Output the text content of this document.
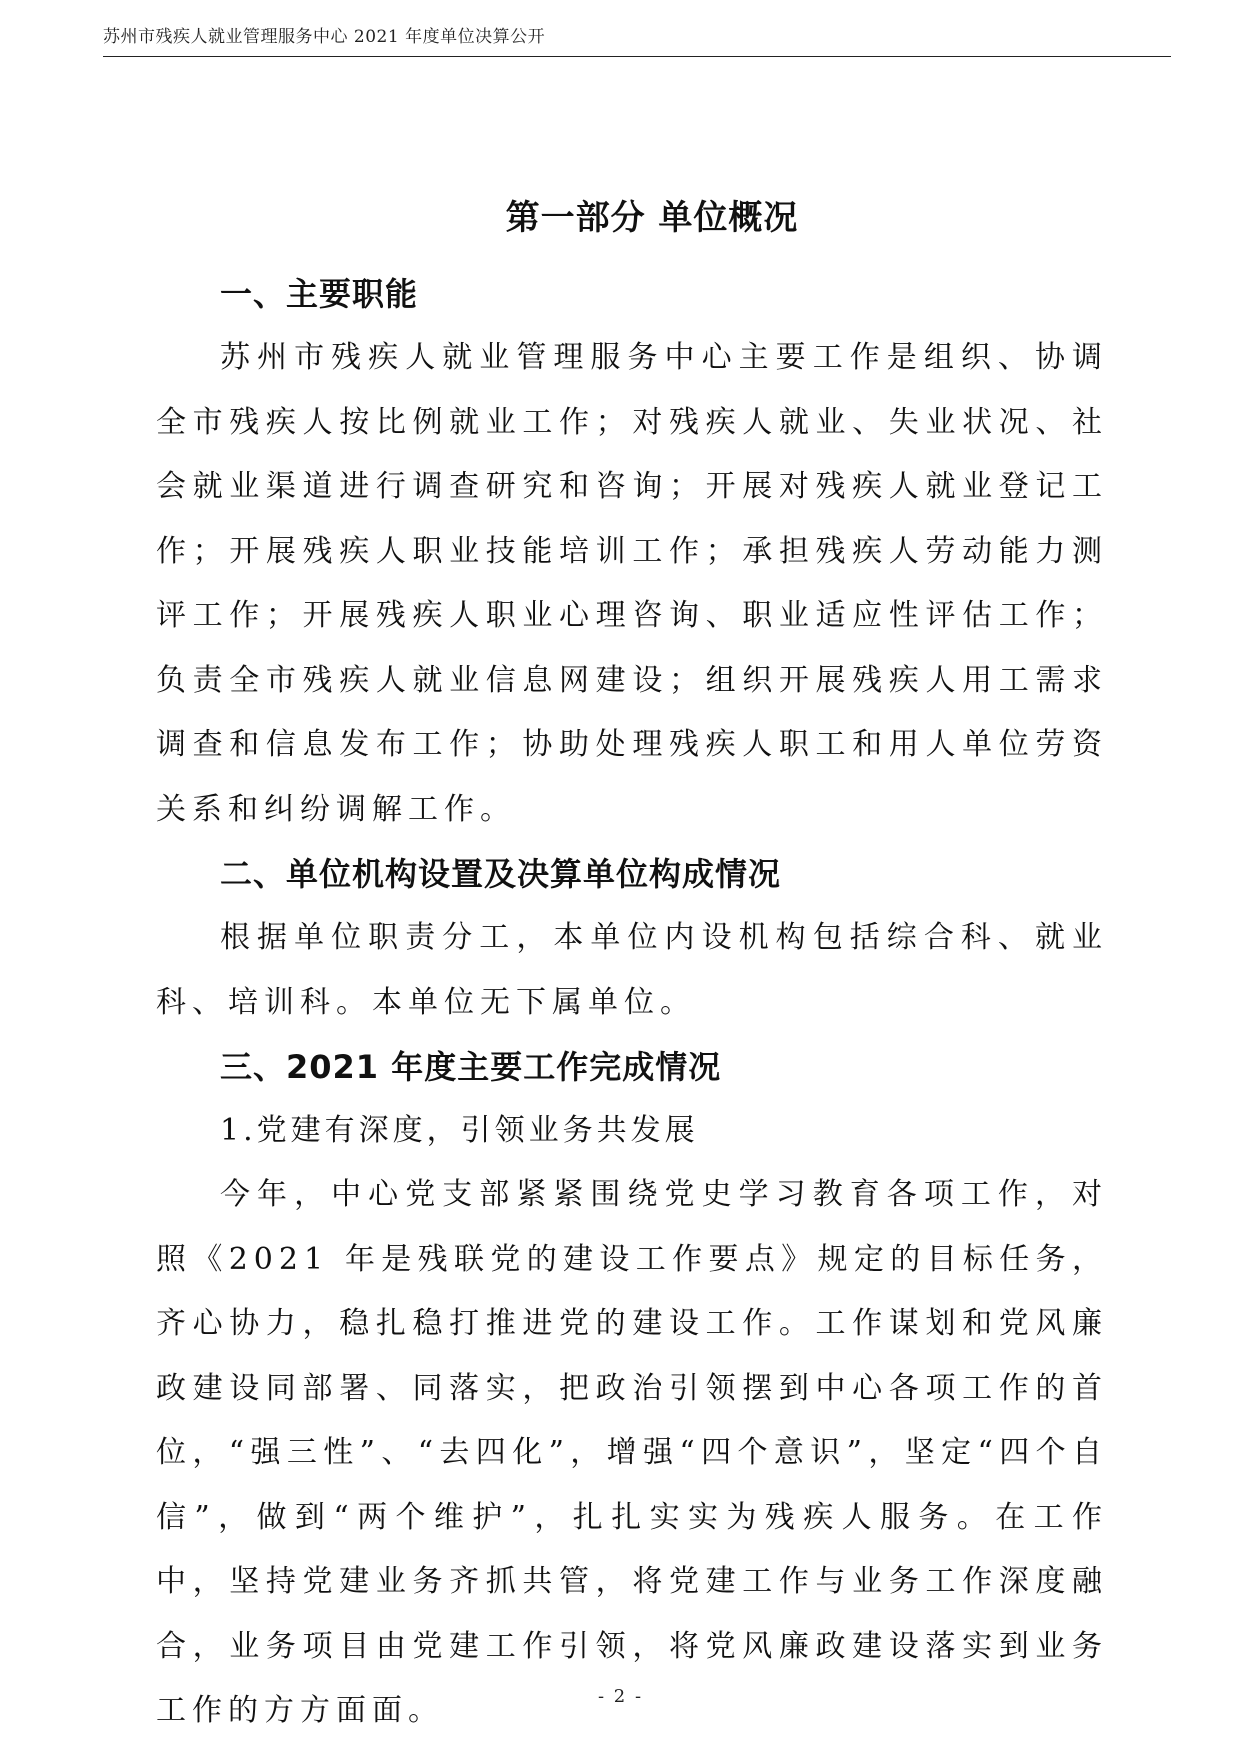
苏州市残疾人就业管理服务中心 2021 年度单位决算公开
第一部分 单位概况
一、主要职能

苏州市残疾人就业管理服务中心主要工作是组织、协调全市残疾人按比例就业工作；对残疾人就业、失业状况、社会就业渠道进行调查研究和咨询；开展对残疾人就业登记工作；开展残疾人职业技能培训工作；承担残疾人劳动能力测评工作；开展残疾人职业心理咨询、职业适应性评估工作；负责全市残疾人就业信息网建设；组织开展残疾人用工需求调查和信息发布工作；协助处理残疾人职工和用人单位劳资关系和纠纷调解工作。

二、单位机构设置及决算单位构成情况

根据单位职责分工，本单位内设机构包括综合科、就业科、培训科。本单位无下属单位。

三、2021 年度主要工作完成情况

1.党建有深度，引领业务共发展

今年，中心党支部紧紧围绕党史学习教育各项工作，对照《2021 年是残联党的建设工作要点》规定的目标任务，齐心协力，稳扎稳打推进党的建设工作。工作谋划和党风廉政建设同部署、同落实，把政治引领摆到中心各项工作的首位，“强三性”、“去四化”，增强“四个意识”，坚定“四个自信”，做到“两个维护”，扎扎实实为残疾人服务。在工作中，坚持党建业务齐抓共管，将党建工作与业务工作深度融合，业务项目由党建工作引领，将党风廉政建设落实到业务工作的方方面面。	- 2 -
